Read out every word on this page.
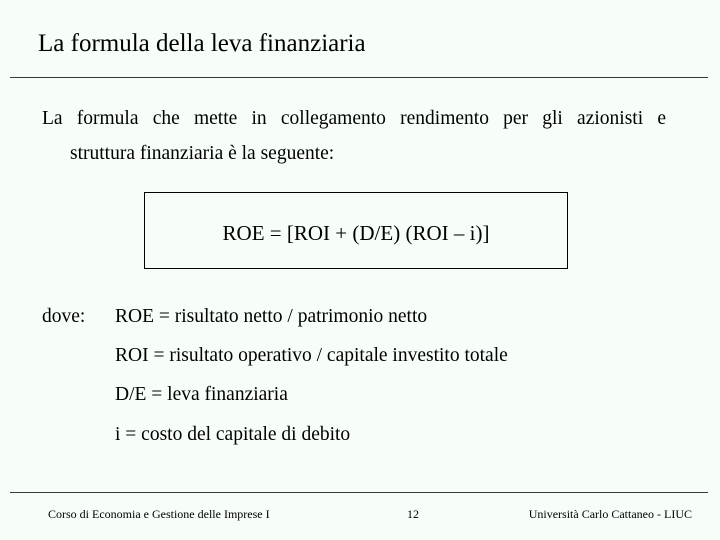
La formula della leva finanziaria
La formula che mette in collegamento rendimento per gli azionisti e
struttura finanziaria è la seguente:
ROE = [ROI + (D/E) (ROI – i)]
dove: ROE = risultato netto / patrimonio netto
ROI = risultato operativo / capitale investito totale
D/E = leva finanziaria
i = costo del capitale di debito
Corso di Economia e Gestione delle Imprese I	12	Università Carlo Cattaneo - LIUC
